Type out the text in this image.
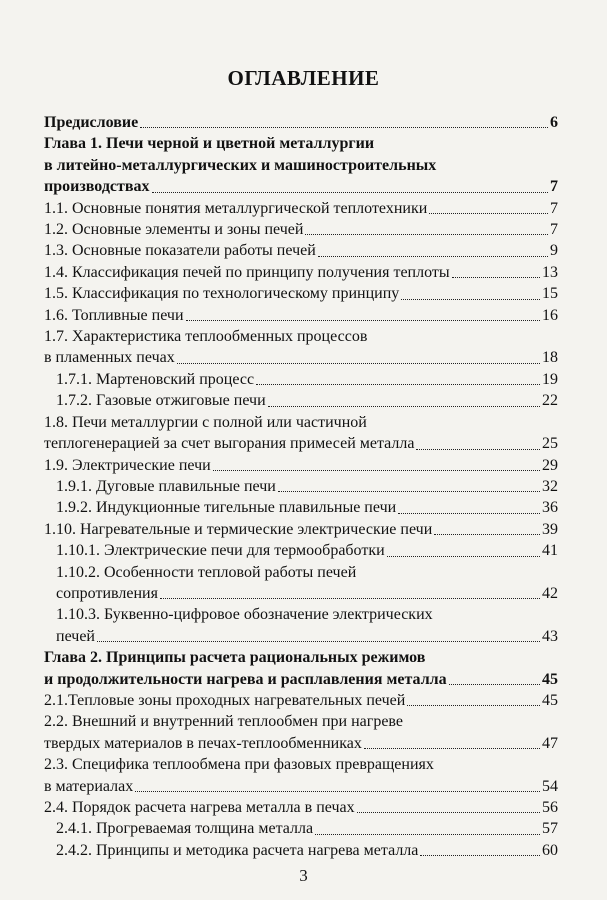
ОГЛАВЛЕНИЕ
Предисловие	6
Глава 1. Печи черной и цветной металлургии
в литейно-металлургических и машиностроительных
производствах	7
1.1. Основные понятия металлургической теплотехники	7
1.2. Основные элементы и зоны печей	7
1.3. Основные показатели работы печей	9
1.4. Классификация печей по принципу получения теплоты	13
1.5. Классификация по технологическому принципу	15
1.6. Топливные печи	16
1.7. Характеристика теплообменных процессов
в пламенных печах	18
1.7.1. Мартеновский процесс	19
1.7.2. Газовые отжиговые печи	22
1.8. Печи металлургии с полной или частичной
теплогенерацией за счет выгорания примесей металла	25
1.9. Электрические печи	29
1.9.1. Дуговые плавильные печи	32
1.9.2. Индукционные тигельные плавильные печи	36
1.10. Нагревательные и термические электрические печи	39
1.10.1. Электрические печи для термообработки	41
1.10.2. Особенности тепловой работы печей
сопротивления	42
1.10.3. Буквенно-цифровое обозначение электрических
печей	43
Глава 2. Принципы расчета рациональных режимов
и продолжительности нагрева и расплавления металла	45
2.1.Тепловые зоны проходных нагревательных печей	45
2.2. Внешний и внутренний теплообмен при нагреве
твердых материалов в печах-теплообменниках	47
2.3. Специфика теплообмена при фазовых превращениях
в материалах	54
2.4. Порядок расчета нагрева металла в печах	56
2.4.1. Прогреваемая толщина металла	57
2.4.2. Принципы и методика расчета нагрева металла	60
3
